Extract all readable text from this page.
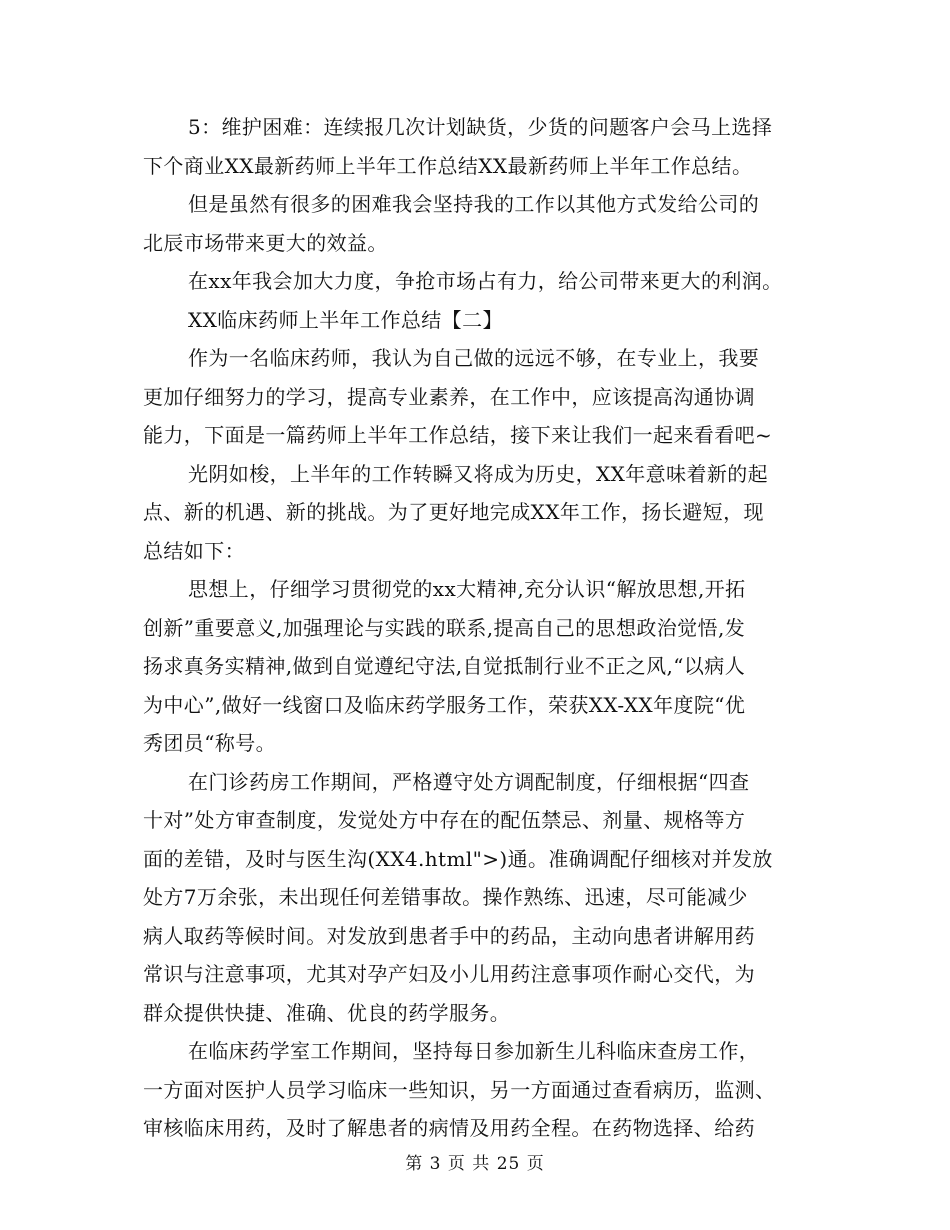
5：维护困难：连续报几次计划缺货，少货的问题客户会马上选择
下个商业XX最新药师上半年工作总结XX最新药师上半年工作总结。
但是虽然有很多的困难我会坚持我的工作以其他方式发给公司的
北辰市场带来更大的效益。
在xx年我会加大力度，争抢市场占有力，给公司带来更大的利润。
XX临床药师上半年工作总结【二】
作为一名临床药师，我认为自己做的远远不够，在专业上，我要
更加仔细努力的学习，提高专业素养，在工作中，应该提高沟通协调
能力，下面是一篇药师上半年工作总结，接下来让我们一起来看看吧~
光阴如梭，上半年的工作转瞬又将成为历史，XX年意味着新的起
点、新的机遇、新的挑战。为了更好地完成XX年工作，扬长避短，现
总结如下：
思想上，仔细学习贯彻党的xx大精神,充分认识“解放思想,开拓
创新”重要意义,加强理论与实践的联系,提高自己的思想政治觉悟,发
扬求真务实精神,做到自觉遵纪守法,自觉抵制行业不正之风,“以病人
为中心”,做好一线窗口及临床药学服务工作，荣获XX-XX年度院“优
秀团员“称号。
在门诊药房工作期间，严格遵守处方调配制度，仔细根据“四查
十对”处方审查制度，发觉处方中存在的配伍禁忌、剂量、规格等方
面的差错，及时与医生沟(XX4.html">)通。准确调配仔细核对并发放
处方7万余张，未出现任何差错事故。操作熟练、迅速，尽可能减少
病人取药等候时间。对发放到患者手中的药品，主动向患者讲解用药
常识与注意事项，尤其对孕产妇及小儿用药注意事项作耐心交代，为
群众提供快捷、准确、优良的药学服务。
在临床药学室工作期间，坚持每日参加新生儿科临床查房工作，
一方面对医护人员学习临床一些知识，另一方面通过查看病历，监测、
审核临床用药，及时了解患者的病情及用药全程。在药物选择、给药
第 3 页 共 25 页
